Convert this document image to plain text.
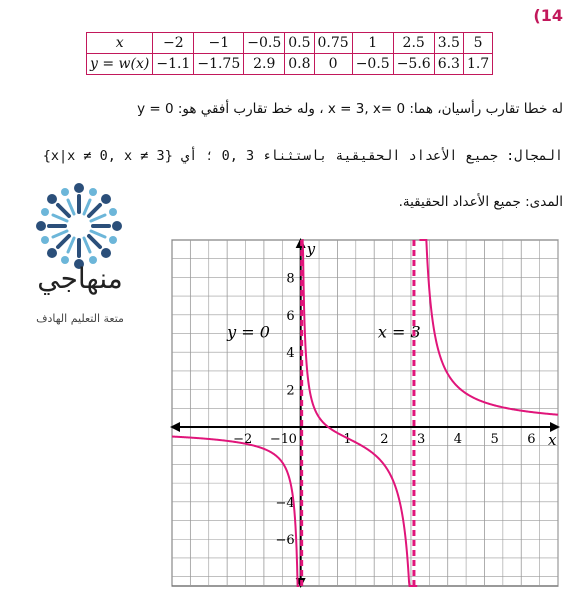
(14
x	−2	−1	−0.5	0.5	0.75	1	2.5	3.5	5
y = w(x)	−1.1	−1.75	2.9	0.8	0	−0.5	−5.6	6.3	1.7
له خطا تقارب رأسيان، هما: x = 3, x= 0 ، وله خط تقارب أفقي هو: y = 0
المجال: جميع الأعداد الحقيقية باستثناء 3 ,0 ؛ أي {x|x ≠ 0, x ≠ 3}
المدى: جميع الأعداد الحقيقية.
منهاجي
متعة التعليم الهادف
x
y
−2 −1 0	1 2 3 4 5 6
8
6
4
2
−4
−6
y = 0	x = 3
